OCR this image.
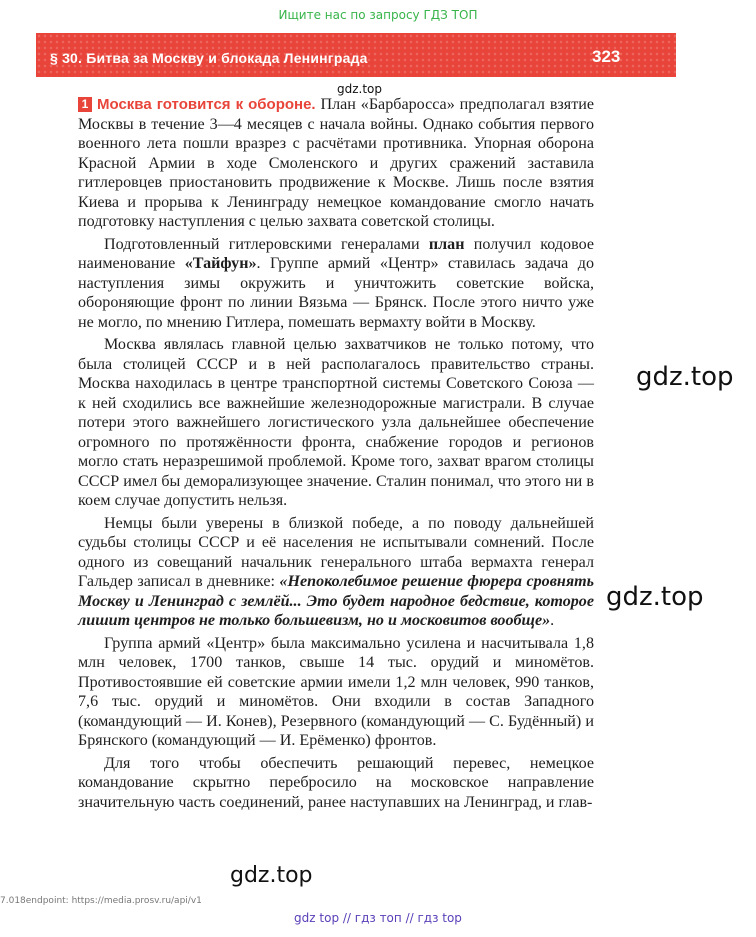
Ищите нас по запросу ГДЗ ТОП
§ 30. Битва за Москву и блокада Ленинграда	323
gdz.top

1 Москва готовится к обороне. План «Барбаросса» предполагал взятие Москвы в течение 3—4 месяцев с начала войны. Однако события первого военного лета пошли вразрез с расчётами противника. Упорная оборона Красной Армии в ходе Смоленского и других сражений заставила гитлеровцев приостановить продвижение к Москве. Лишь после взятия Киева и прорыва к Ленинграду немецкое командование смогло начать подготовку наступления с целью захвата советской столицы.

Подготовленный гитлеровскими генералами план получил кодовое наименование «Тайфун». Группе армий «Центр» ставилась задача до наступления зимы окружить и уничтожить советские войска, обороняющие фронт по линии Вязьма — Брянск. После этого ничто уже не могло, по мнению Гитлера, помешать вермахту войти в Москву.

Москва являлась главной целью захватчиков не только потому, что была столицей СССР и в ней располагалось правительство страны. Москва находилась в центре транспортной системы Советского Союза — к ней сходились все важнейшие железнодорожные магистрали. В случае потери этого важнейшего логистического узла дальнейшее обеспечение огромного по протяжённости фронта, снабжение городов и регионов могло стать неразрешимой проблемой. Кроме того, захват врагом столицы СССР имел бы деморализующее значение. Сталин понимал, что этого ни в коем случае допустить нельзя.

Немцы были уверены в близкой победе, а по поводу дальнейшей судьбы столицы СССР и её населения не испытывали сомнений. После одного из совещаний начальник генерального штаба вермахта генерал Гальдер записал в дневнике: «Непоколебимое решение фюрера сровнять Москву и Ленинград с землёй... Это будет народное бедствие, которое лишит центров не только большевизм, но и московитов вообще».

Группа армий «Центр» была максимально усилена и насчитывала 1,8 млн человек, 1700 танков, свыше 14 тыс. орудий и миномётов. Противостоявшие ей советские армии имели 1,2 млн человек, 990 танков, 7,6 тыс. орудий и миномётов. Они входили в состав Западного (командующий — И. Конев), Резервного (командующий — С. Будённый) и Брянского (командующий — И. Ерёменко) фронтов.

Для того чтобы обеспечить решающий перевес, немецкое командование скрытно перебросило на московское направление значительную часть соединений, ранее наступавших на Ленинград, и глав-

gdz.top
gdz.top
gdz.top
7.018endpoint: https://media.prosv.ru/api/v1
gdz top // гдз топ // гдз top
